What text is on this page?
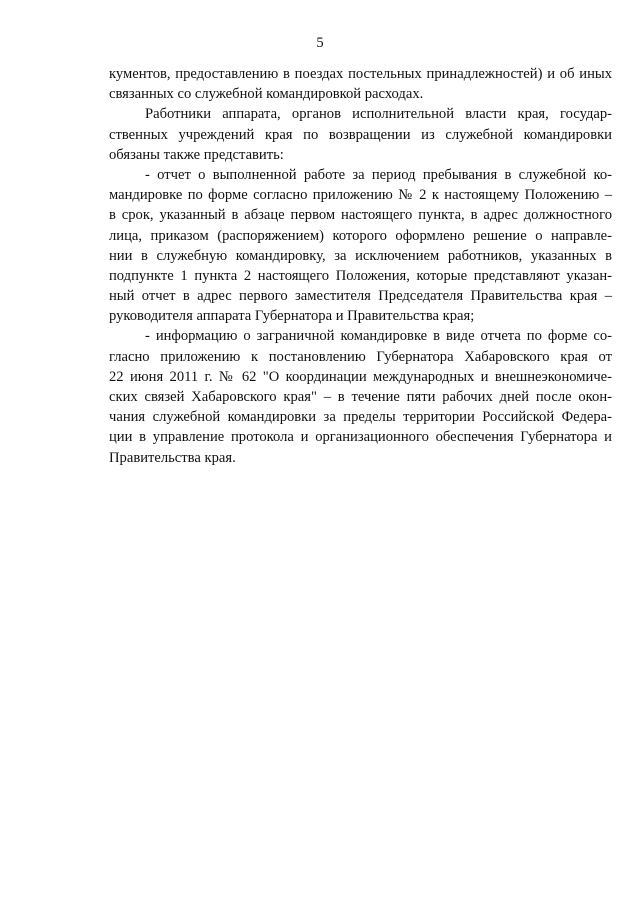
5
кументов, предоставлению в поездах постельных принадлежностей) и об иных
связанных со служебной командировкой расходах.
Работники аппарата, органов исполнительной власти края, государ-
ственных учреждений края по возвращении из служебной командировки
обязаны также представить:
- отчет о выполненной работе за период пребывания в служебной ко-
мандировке по форме согласно приложению № 2 к настоящему Положению –
в срок, указанный в абзаце первом настоящего пункта, в адрес должностного
лица, приказом (распоряжением) которого оформлено решение о направле-
нии в служебную командировку, за исключением работников, указанных в
подпункте 1 пункта 2 настоящего Положения, которые представляют указан-
ный отчет в адрес первого заместителя Председателя Правительства края –
руководителя аппарата Губернатора и Правительства края;
- информацию о заграничной командировке в виде отчета по форме со-
гласно приложению к постановлению Губернатора Хабаровского края от
22 июня 2011 г. № 62 "О координации международных и внешнеэкономиче-
ских связей Хабаровского края" – в течение пяти рабочих дней после окон-
чания служебной командировки за пределы территории Российской Федера-
ции в управление протокола и организационного обеспечения Губернатора и
Правительства края.
